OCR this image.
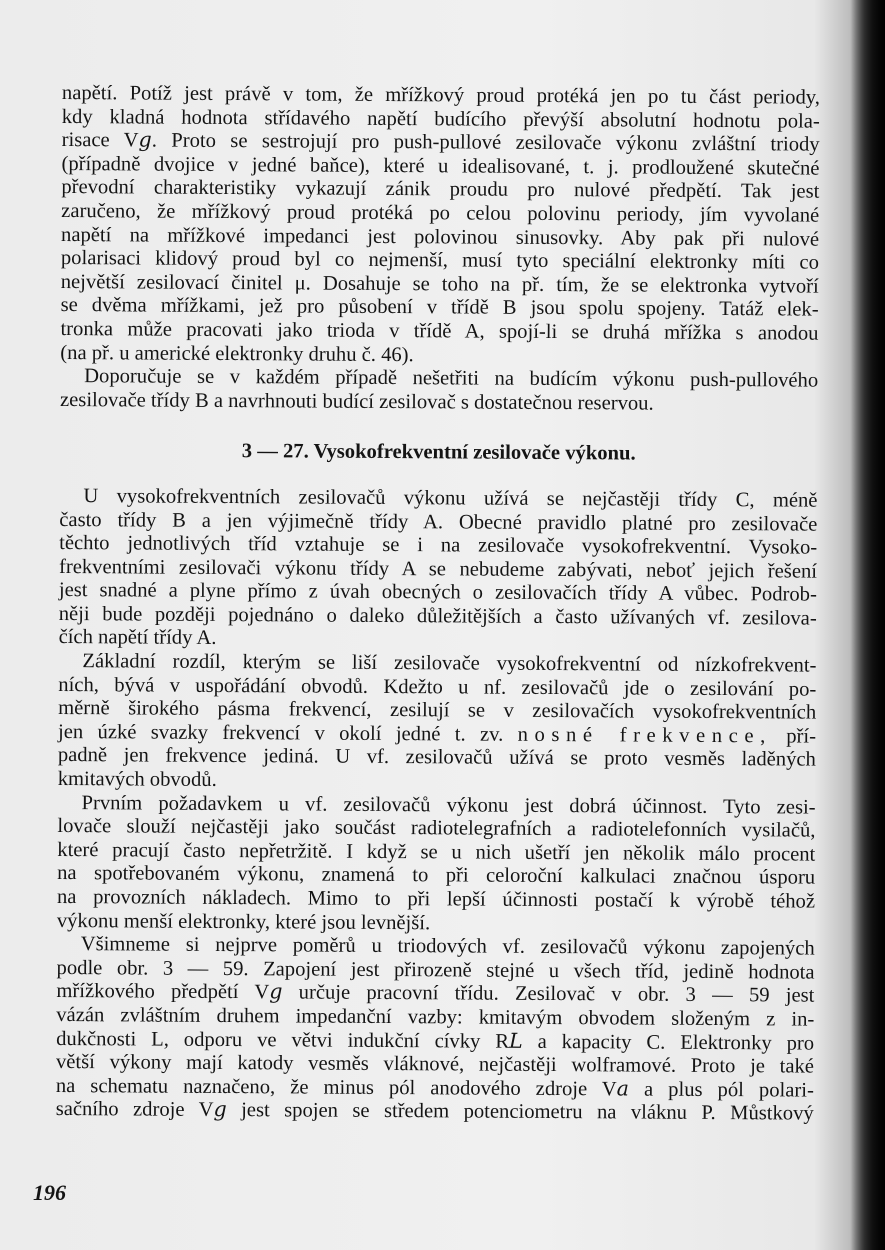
napětí. Potíž jest právě v tom, že mřížkový proud protéká jen po tu část periody,
kdy kladná hodnota střídavého napětí budícího převýší absolutní hodnotu pola-
risace V𝑔. Proto se sestrojují pro push-pullové zesilovače výkonu zvláštní triody
(případně dvojice v jedné baňce), které u idealisované, t. j. prodloužené skutečné
převodní charakteristiky vykazují zánik proudu pro nulové předpětí. Tak jest
zaručeno, že mřížkový proud protéká po celou polovinu periody, jím vyvolané
napětí na mřížkové impedanci jest polovinou sinusovky. Aby pak při nulové
polarisaci klidový proud byl co nejmenší, musí tyto speciální elektronky míti co
největší zesilovací činitel μ. Dosahuje se toho na př. tím, že se elektronka vytvoří
se dvěma mřížkami, jež pro působení v třídě B jsou spolu spojeny. Tatáž elek-
tronka může pracovati jako trioda v třídě A, spojí-li se druhá mřížka s anodou
(na př. u americké elektronky druhu č. 46).

Doporučuje se v každém případě nešetřiti na budícím výkonu push-pullového
zesilovače třídy B a navrhnouti budící zesilovač s dostatečnou reservou.

3 — 27. Vysokofrekventní zesilovače výkonu.

U vysokofrekventních zesilovačů výkonu užívá se nejčastěji třídy C, méně
často třídy B a jen výjimečně třídy A. Obecné pravidlo platné pro zesilovače
těchto jednotlivých tříd vztahuje se i na zesilovače vysokofrekventní. Vysoko-
frekventními zesilovači výkonu třídy A se nebudeme zabývati, neboť jejich řešení
jest snadné a plyne přímo z úvah obecných o zesilovačích třídy A vůbec. Podrob-
něji bude později pojednáno o daleko důležitějších a často užívaných vf. zesilova-
čích napětí třídy A.

Základní rozdíl, kterým se liší zesilovače vysokofrekventní od nízkofrekvent-
ních, bývá v uspořádání obvodů. Kdežto u nf. zesilovačů jde o zesilování po-
měrně širokého pásma frekvencí, zesilují se v zesilovačích vysokofrekventních
jen úzké svazky frekvencí v okolí jedné t. zv. nosné frekvence, pří-
padně jen frekvence jediná. U vf. zesilovačů užívá se proto vesměs laděných
kmitavých obvodů.

Prvním požadavkem u vf. zesilovačů výkonu jest dobrá účinnost. Tyto zesi-
lovače slouží nejčastěji jako součást radiotelegrafních a radiotelefonních vysilačů,
které pracují často nepřetržitě. I když se u nich ušetří jen několik málo procent
na spotřebovaném výkonu, znamená to při celoroční kalkulaci značnou úsporu
na provozních nákladech. Mimo to při lepší účinnosti postačí k výrobě téhož
výkonu menší elektronky, které jsou levnější.

Všimneme si nejprve poměrů u triodových vf. zesilovačů výkonu zapojených
podle obr. 3 — 59. Zapojení jest přirozeně stejné u všech tříd, jedině hodnota
mřížkového předpětí V𝑔 určuje pracovní třídu. Zesilovač v obr. 3 — 59 jest
vázán zvláštním druhem impedanční vazby: kmitavým obvodem složeným z in-
dukčnosti L, odporu ve větvi indukční cívky R𝐿 a kapacity C. Elektronky pro
větší výkony mají katody vesměs vláknové, nejčastěji wolframové. Proto je také
na schematu naznačeno, že minus pól anodového zdroje V𝑎 a plus pól polari-
sačního zdroje V𝑔 jest spojen se středem potenciometru na vláknu P. Můstkový

196
